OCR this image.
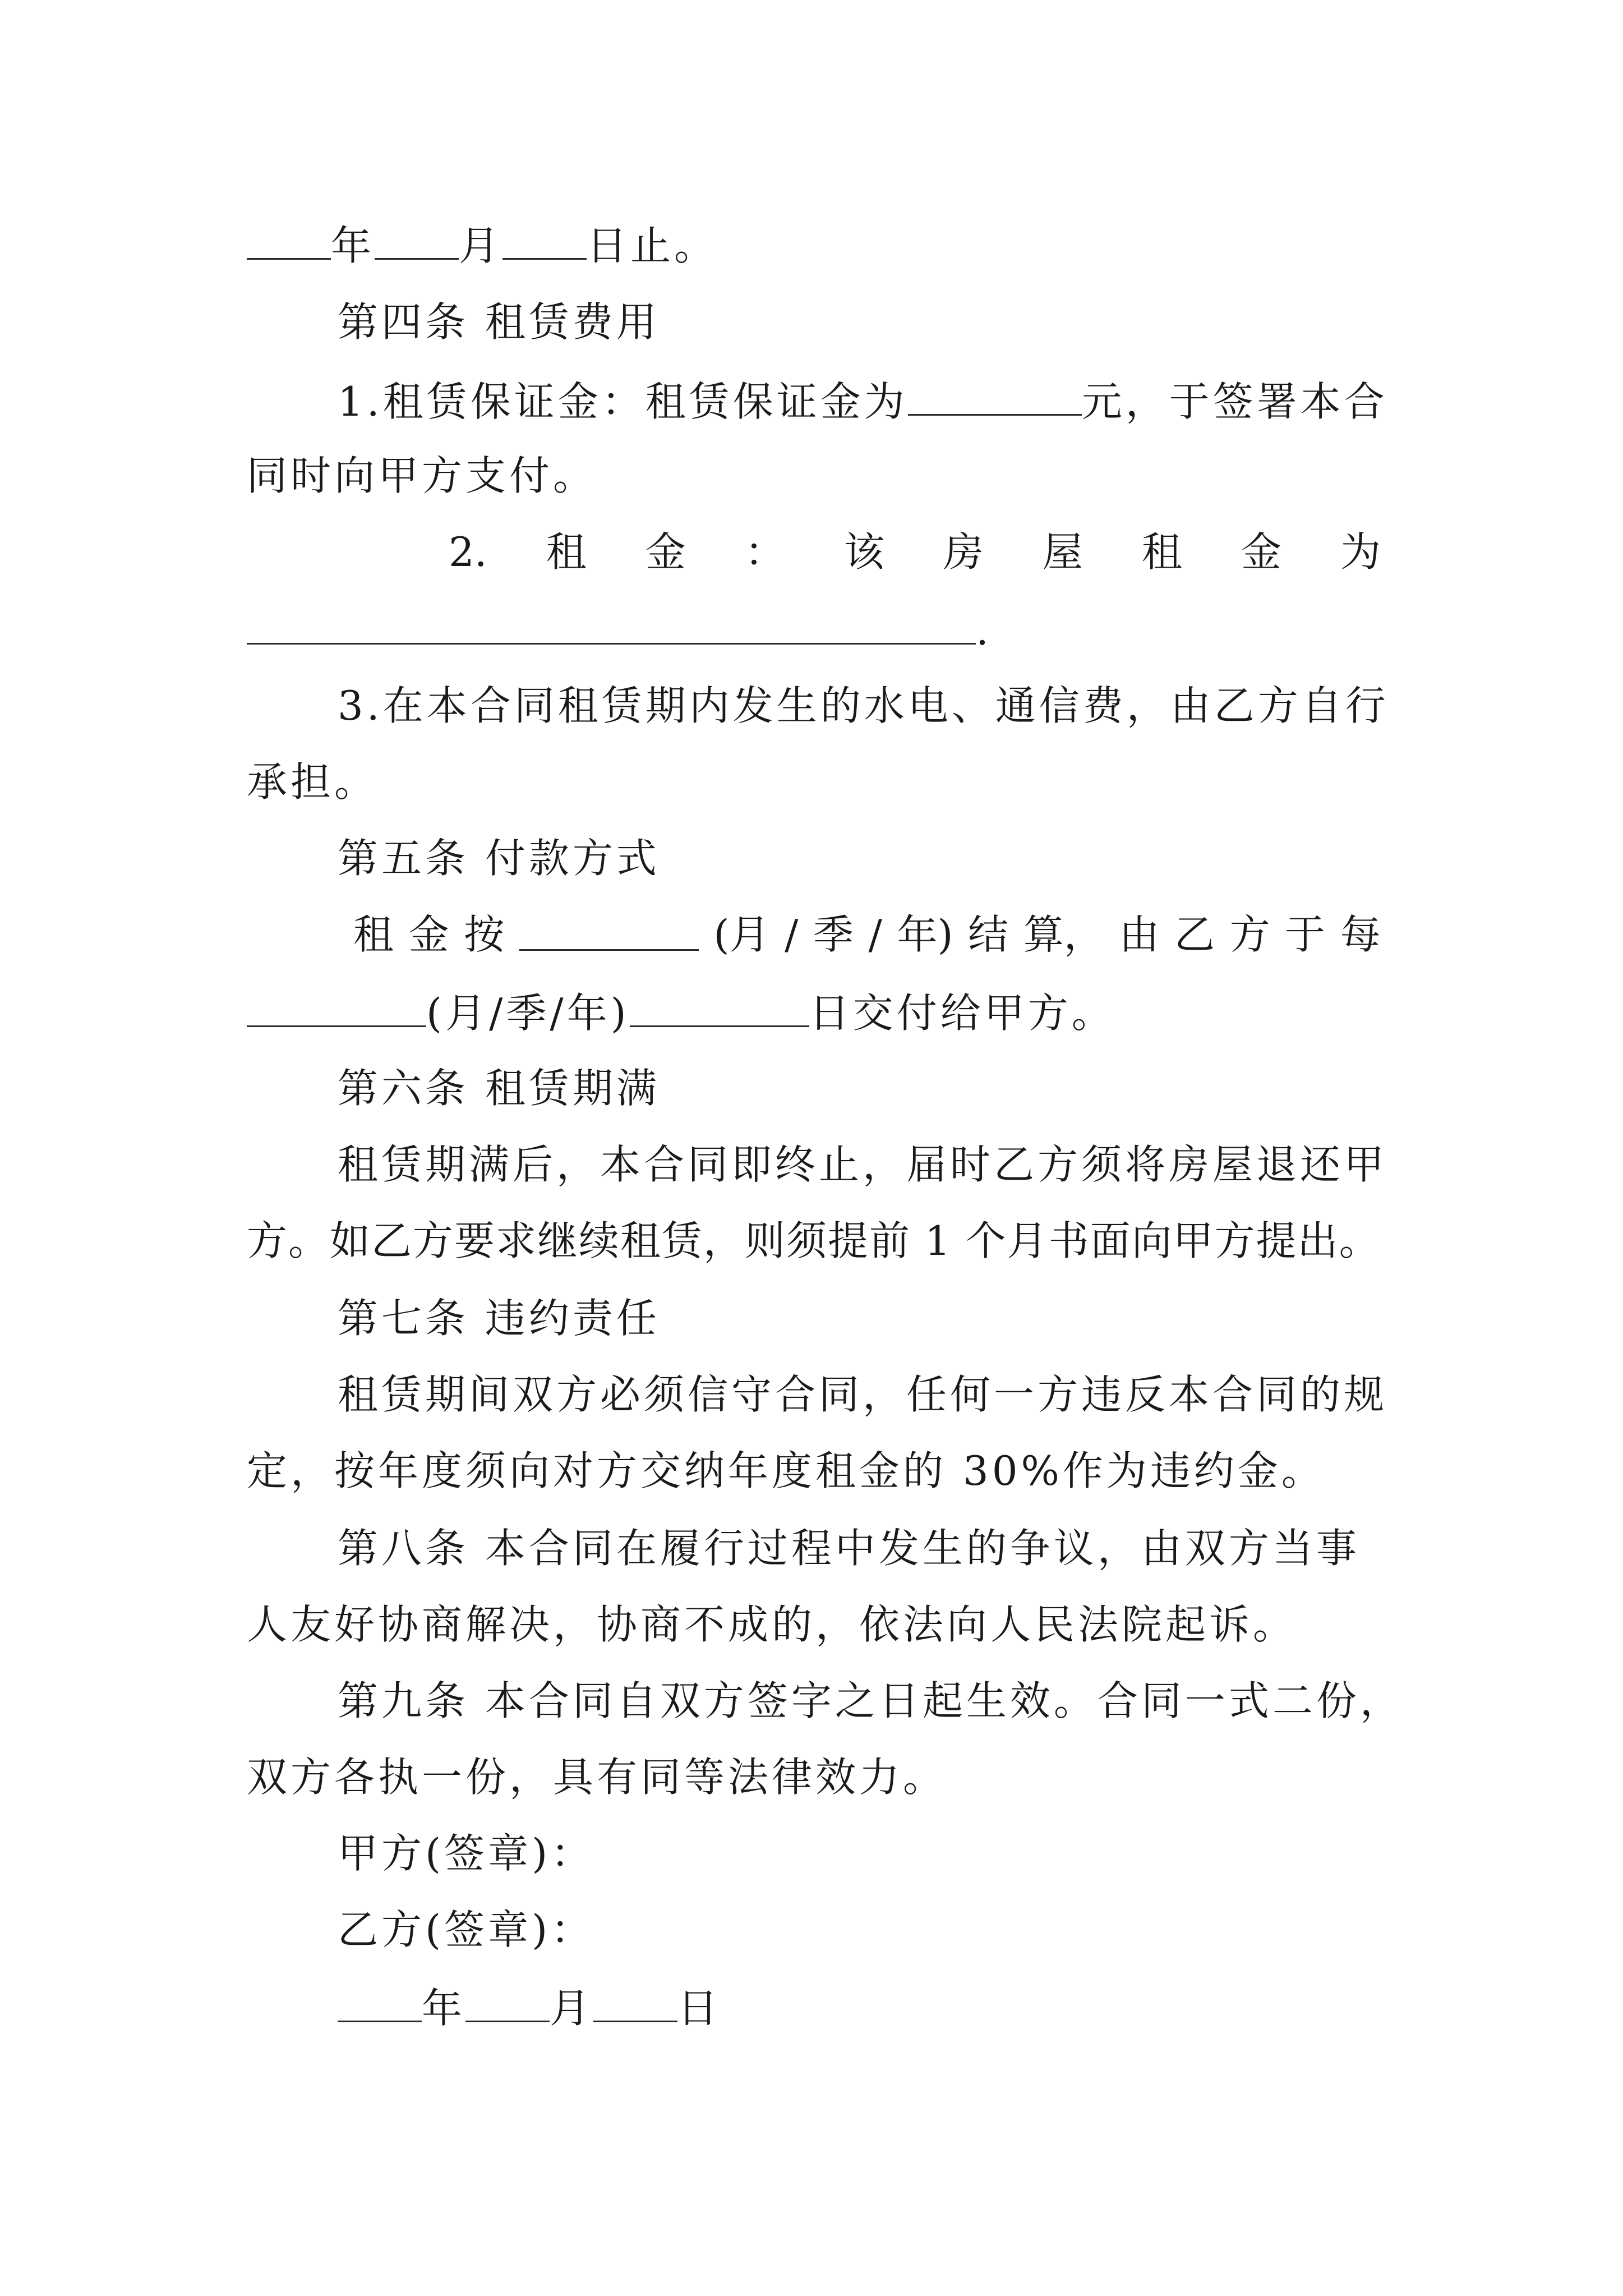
年 月 日止。
第四条 租赁费用
1.租赁保证金：租赁保证金为	元，于签署本合
同时向甲方支付。
2. 租 金 ： 该 房 屋 租 金 为
.
3.在本合同租赁期内发生的水电、通信费，由乙方自行
承担。
第五条 付款方式
租 金 按	(月 / 季 / 年) 结 算， 由 乙 方 于 每
(月/季/年)	日交付给甲方。
第六条 租赁期满
租赁期满后，本合同即终止，届时乙方须将房屋退还甲
方。如乙方要求继续租赁，则须提前 1 个月书面向甲方提出。
第七条 违约责任
租赁期间双方必须信守合同，任何一方违反本合同的规
定，按年度须向对方交纳年度租金的 30%作为违约金。
第八条 本合同在履行过程中发生的争议，由双方当事
人友好协商解决，协商不成的，依法向人民法院起诉。
第九条 本合同自双方签字之日起生效。合同一式二份，
双方各执一份，具有同等法律效力。
甲方(签章)：
乙方(签章)：
年 月 日
